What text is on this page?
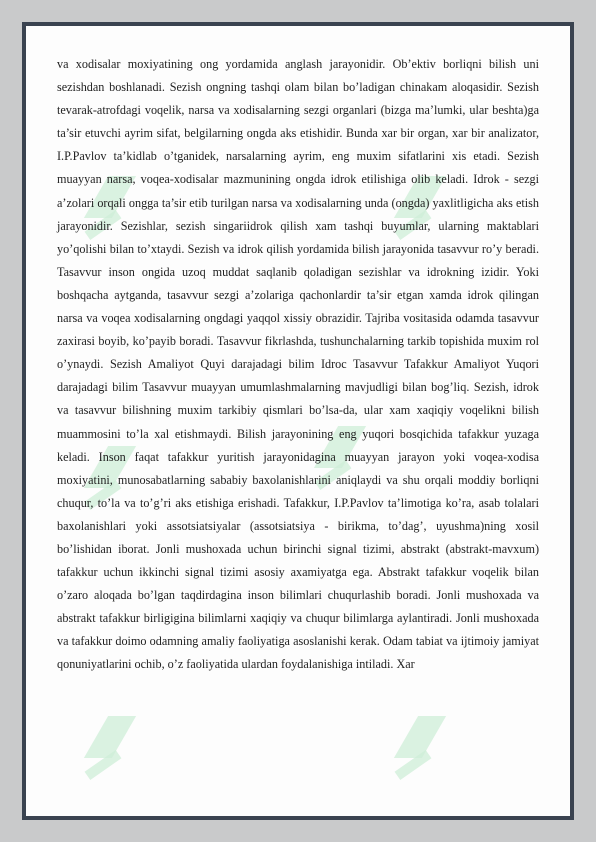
va xodisalar moxiyatining ong yordamida anglash jarayonidir. Ob’ektiv borliqni bilish uni sezishdan boshlanadi. Sezish ongning tashqi olam bilan bo’ladigan chinakam aloqasidir. Sezish tevarak-atrofdagi voqelik, narsa va xodisalarning sezgi organlari (bizga ma’lumki, ular beshta)ga ta’sir etuvchi ayrim sifat, belgilarning ongda aks etishidir. Bunda xar bir organ, xar bir analizator, I.P.Pavlov ta’kidlab o’tganidek, narsalarning ayrim, eng muxim sifatlarini xis etadi. Sezish muayyan narsa, voqea-xodisalar mazmunining ongda idrok etilishiga olib keladi. Idrok - sezgi a’zolari orqali ongga ta’sir etib turilgan narsa va xodisalarning unda (ongda) yaxlitligicha aks etish jarayonidir. Sezishlar, sezish singariidrok qilish xam tashqi buyumlar, ularning maktablari yo’qolishi bilan to’xtaydi. Sezish va idrok qilish yordamida bilish jarayonida tasavvur ro’y beradi. Tasavvur inson ongida uzoq muddat saqlanib qoladigan sezishlar va idrokning izidir. Yoki boshqacha aytganda, tasavvur sezgi a’zolariga qachonlardir ta’sir etgan xamda idrok qilingan narsa va voqea xodisalarning ongdagi yaqqol xissiy obrazidir. Tajriba vositasida odamda tasavvur zaxirasi boyib, ko’payib boradi. Tasavvur fikrlashda, tushunchalarning tarkib topishida muxim rol o’ynaydi. Sezish Amaliyot Quyi darajadagi bilim Idroc Tasavvur Tafakkur Amaliyot Yuqori darajadagi bilim Tasavvur muayyan umumlashmalarning mavjudligi bilan bog’liq. Sezish, idrok va tasavvur bilishning muxim tarkibiy qismlari bo’lsa-da, ular xam xaqiqiy voqelikni bilish muammosini to’la xal etishmaydi. Bilish jarayonining eng yuqori bosqichida tafakkur yuzaga keladi. Inson faqat tafakkur yuritish jarayonidagina muayyan jarayon yoki voqea-xodisa moxiyatini, munosabatlarning sababiy baxolanishlarini aniqlaydi va shu orqali moddiy borliqni chuqur, to’la va to’g’ri aks etishiga erishadi. Tafakkur, I.P.Pavlov ta’limotiga ko’ra, asab tolalari baxolanishlari yoki assotsiatsiyalar (assotsiatsiya - birikma, to’dag’, uyushma)ning xosil bo’lishidan iborat. Jonli mushoxada uchun birinchi signal tizimi, abstrakt (abstrakt-mavxum) tafakkur uchun ikkinchi signal tizimi asosiy axamiyatga ega. Abstrakt tafakkur voqelik bilan o’zaro aloqada bo’lgan taqdirdagina inson bilimlari chuqurlashib boradi. Jonli mushoxada va abstrakt tafakkur birligigina bilimlarni xaqiqiy va chuqur bilimlarga aylantiradi. Jonli mushoxada va tafakkur doimo odamning amaliy faoliyatiga asoslanishi kerak. Odam tabiat va ijtimoiy jamiyat qonuniyatlarini ochib, o’z faoliyatida ulardan foydalanishiga intiladi. Xar
